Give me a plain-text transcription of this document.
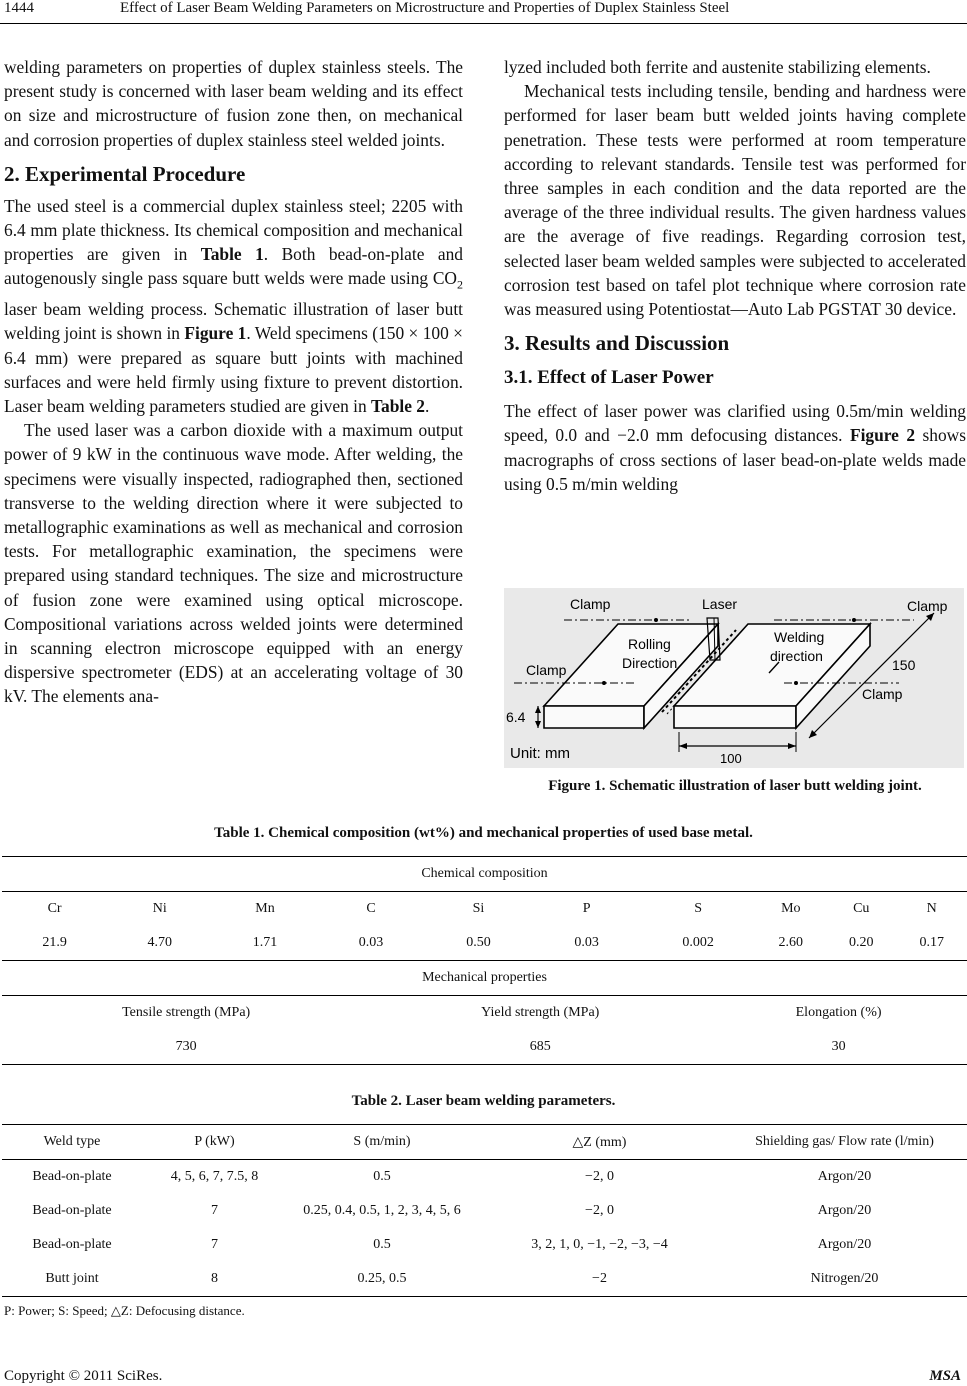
1444	Effect of Laser Beam Welding Parameters on Microstructure and Properties of Duplex Stainless Steel

welding parameters on properties of duplex stainless steels. The present study is concerned with laser beam welding and its effect on size and microstructure of fusion zone then, on mechanical and corrosion properties of duplex stainless steel welded joints.

2. Experimental Procedure

The used steel is a commercial duplex stainless steel; 2205 with 6.4 mm plate thickness. Its chemical composition and mechanical properties are given in Table 1. Both bead-on-plate and autogenously single pass square butt welds were made using $CO_2$ laser beam welding process. Schematic illustration of laser butt welding joint is shown in Figure 1. Weld specimens (150 × 100 × 6.4 mm) were prepared as square butt joints with machined surfaces and were held firmly using fixture to prevent distortion. Laser beam welding parameters studied are given in Table 2.

The used laser was a carbon dioxide with a maximum output power of 9 kW in the continuous wave mode. After welding, the specimens were visually inspected, radiographed then, sectioned transverse to the welding direction where it were subjected to metallographic examinations as well as mechanical and corrosion tests. For metallographic examination, the specimens were prepared using standard techniques. The size and microstructure of fusion zone were examined using optical microscope. Compositional variations across welded joints were determined in scanning electron microscope equipped with an energy dispersive spectrometer (EDS) at an accelerating voltage of 30 kV. The elements ana-

lyzed included both ferrite and austenite stabilizing elements.

Mechanical tests including tensile, bending and hardness were performed for laser beam butt welded joints having complete penetration. These tests were performed at room temperature according to relevant standards. Tensile test was performed for three samples in each condition and the data reported are the average of the three individual results. The given hardness values are the average of five readings. Regarding corrosion test, selected laser beam welded samples were subjected to accelerated corrosion test based on tafel plot technique where corrosion rate was measured using Potentiostat—Auto Lab PGSTAT 30 device.

3. Results and Discussion
3.1. Effect of Laser Power

The effect of laser power was clarified using 0.5m/min welding speed, 0.0 and −2.0 mm defocusing distances. Figure 2 shows macrographs of cross sections of laser bead-on-plate welds made using 0.5 m/min welding

Clamp	Laser	Clamp
Rolling
Direction
Welding
direction
Clamp	150
Clamp
6.4
Unit: mm	100
Figure 1. Schematic illustration of laser butt welding joint.
Table 1. Chemical composition (wt%) and mechanical properties of used base metal.
Chemical composition											
Cr	Ni	Mn	C		Si	P	S		Mo	Cu	N
21.9	4.70	1.71	0.03		0.50	0.03	0.002		2.60	0.20	0.17
Mechanical properties											
Tensile strength (MPa)				Yield strength (MPa)				Elongation (%)			
730				685				30			
Table 2. Laser beam welding parameters.
Weld type	P (kW)	S (m/min)	△Z (mm)	Shielding gas/ Flow rate (l/min)
Bead-on-plate	4, 5, 6, 7, 7.5, 8	0.5	−2, 0	Argon/20
Bead-on-plate	7	0.25, 0.4, 0.5, 1, 2, 3, 4, 5, 6	−2, 0	Argon/20
Bead-on-plate	7	0.5	3, 2, 1, 0, −1, −2, −3, −4	Argon/20
Butt joint	8	0.25, 0.5	−2	Nitrogen/20
P: Power; S: Speed; △Z: Defocusing distance.
Copyright © 2011 SciRes.	MSA
